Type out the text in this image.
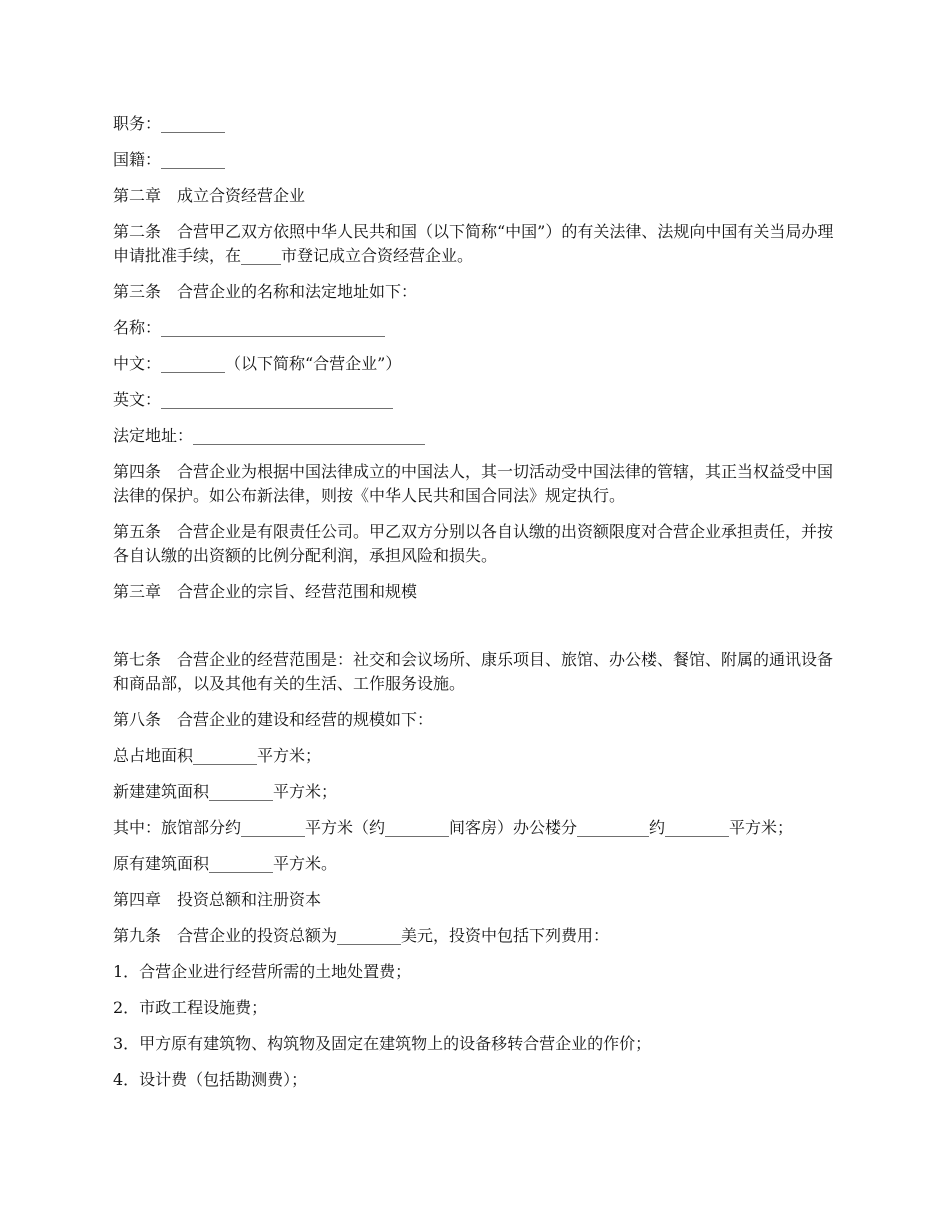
职务：________

国籍：________

第二章　成立合资经营企业

第二条　合营甲乙双方依照中华人民共和国（以下简称“中国”）的有关法律、法规向中国有关当局办理申请批准手续，在_____市登记成立合资经营企业。

第三条　合营企业的名称和法定地址如下：

名称：____________________________

中文：________（以下简称“合营企业”）

英文：_____________________________

法定地址：_____________________________

第四条　合营企业为根据中国法律成立的中国法人，其一切活动受中国法律的管辖，其正当权益受中国法律的保护。如公布新法律，则按《中华人民共和国合同法》规定执行。

第五条　合营企业是有限责任公司。甲乙双方分别以各自认缴的出资额限度对合营企业承担责任，并按各自认缴的出资额的比例分配利润，承担风险和损失。

第三章　合营企业的宗旨、经营范围和规模

第七条　合营企业的经营范围是：社交和会议场所、康乐项目、旅馆、办公楼、餐馆、附属的通讯设备和商品部，以及其他有关的生活、工作服务设施。

第八条　合营企业的建设和经营的规模如下：

总占地面积________平方米；

新建建筑面积________平方米；

其中：旅馆部分约________平方米（约________间客房）办公楼分_________约________平方米；

原有建筑面积________平方米。

第四章　投资总额和注册资本

第九条　合营企业的投资总额为________美元，投资中包括下列费用：

1．合营企业进行经营所需的土地处置费；

2．市政工程设施费；

3．甲方原有建筑物、构筑物及固定在建筑物上的设备移转合营企业的作价；

4．设计费（包括勘测费）；
